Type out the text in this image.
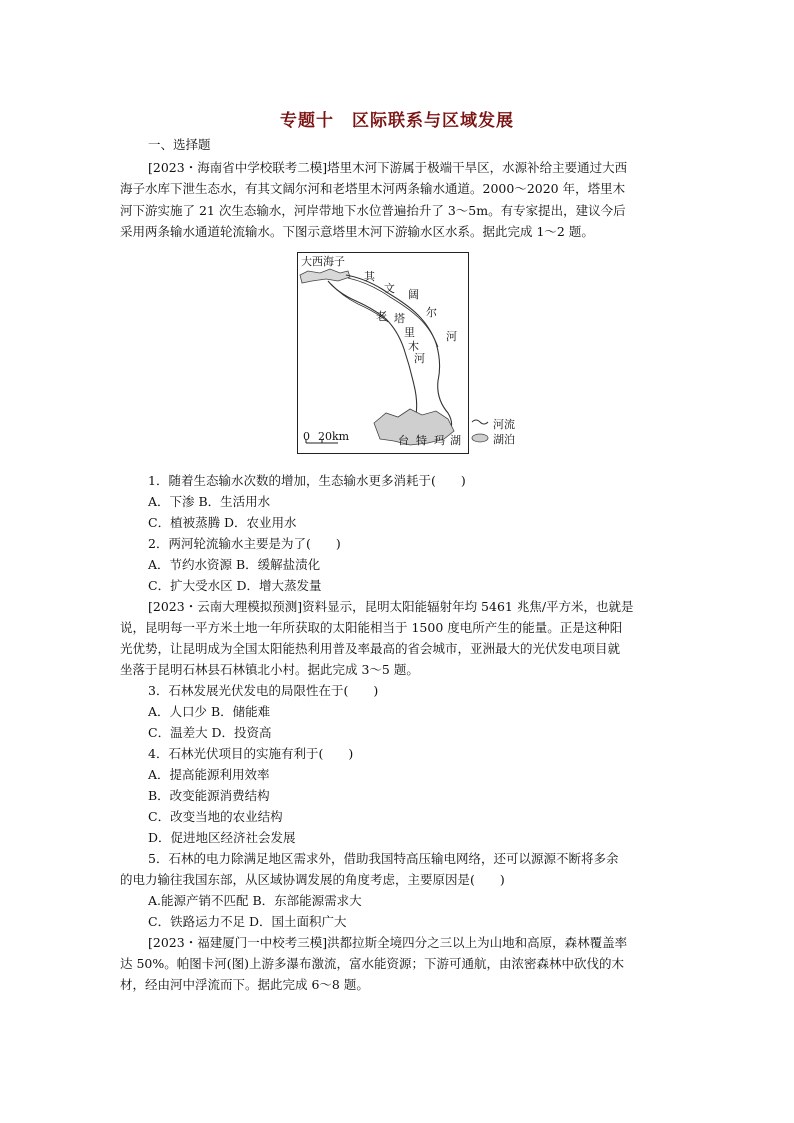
专题十　区际联系与区域发展
一、选择题
[2023・海南省中学校联考二模]塔里木河下游属于极端干旱区，水源补给主要通过大西
海子水库下泄生态水，有其文阔尔河和老塔里木河两条输水通道。2000～2020 年，塔里木
河下游实施了 21 次生态输水，河岸带地下水位普遍抬升了 3～5m。有专家提出，建议今后
采用两条输水通道轮流输水。下图示意塔里木河下游输水区水系。据此完成 1～2 题。
大西海子
其
文 阔
尔
河
老 塔
里
木
河
台 特 玛 湖
0 20km
河流
湖泊
1．随着生态输水次数的增加，生态输水更多消耗于(　　)
A．下渗 B．生活用水
C．植被蒸腾 D．农业用水
2．两河轮流输水主要是为了(　　)
A．节约水资源 B．缓解盐渍化
C．扩大受水区 D．增大蒸发量
[2023・云南大理模拟预测]资料显示，昆明太阳能辐射年均 5461 兆焦/平方米，也就是
说，昆明每一平方米土地一年所获取的太阳能相当于 1500 度电所产生的能量。正是这种阳
光优势，让昆明成为全国太阳能热利用普及率最高的省会城市，亚洲最大的光伏发电项目就
坐落于昆明石林县石林镇北小村。据此完成 3～5 题。
3．石林发展光伏发电的局限性在于(　　)
A．人口少 B．储能难
C．温差大 D．投资高
4．石林光伏项目的实施有利于(　　)
A．提高能源利用效率
B．改变能源消费结构
C．改变当地的农业结构
D．促进地区经济社会发展
5．石林的电力除满足地区需求外，借助我国特高压输电网络，还可以源源不断将多余
的电力输往我国东部，从区域协调发展的角度考虑，主要原因是(　　)
A.能源产销不匹配 B．东部能源需求大
C．铁路运力不足 D．国土面积广大
[2023・福建厦门一中校考三模]洪都拉斯全境四分之三以上为山地和高原，森林覆盖率
达 50%。帕图卡河(图)上游多瀑布激流，富水能资源；下游可通航，由浓密森林中砍伐的木
材，经由河中浮流而下。据此完成 6～8 题。
